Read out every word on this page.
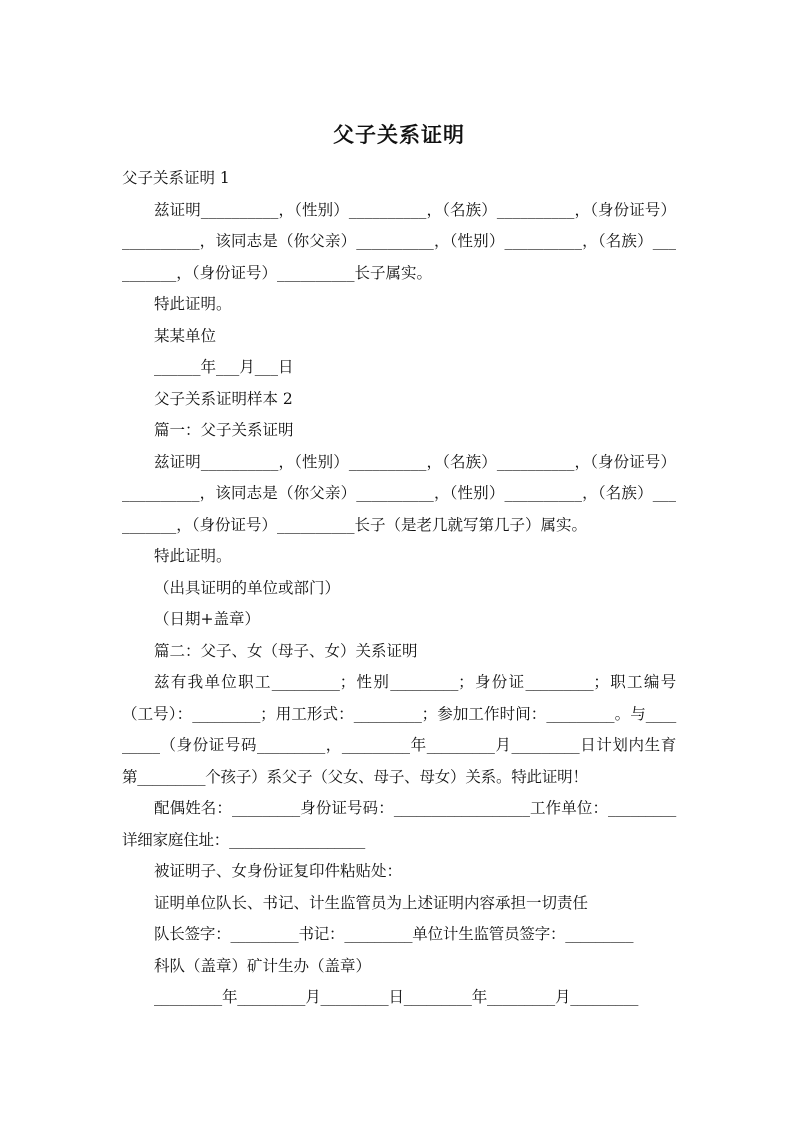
父子关系证明

父子关系证明 1

兹证明__________，（性别）__________，（名族）__________，（身份证号）__________，该同志是（你父亲）__________，（性别）__________，（名族）__________，（身份证号）__________长子属实。

特此证明。

某某单位

______年___月___日

父子关系证明样本 2

篇一：父子关系证明

兹证明__________，（性别）__________，（名族）__________，（身份证号）__________，该同志是（你父亲）__________，（性别）__________，（名族）__________，（身份证号）__________长子（是老几就写第几子）属实。

特此证明。

（出具证明的单位或部门）

（日期+盖章）

篇二：父子、女（母子、女）关系证明

兹有我单位职工_________；性别_________；身份证_________；职工编号（工号）：_________；用工形式：_________；参加工作时间：_________。与_________（身份证号码_________，_________年_________月_________日计划内生育第_________个孩子）系父子（父女、母子、母女）关系。特此证明！

配偶姓名：_________身份证号码：__________________工作单位：_________详细家庭住址：__________________

被证明子、女身份证复印件粘贴处：

证明单位队长、书记、计生监管员为上述证明内容承担一切责任

队长签字：_________书记：_________单位计生监管员签字：_________

科队（盖章）矿计生办（盖章）

_________年_________月_________日_________年_________月_________
